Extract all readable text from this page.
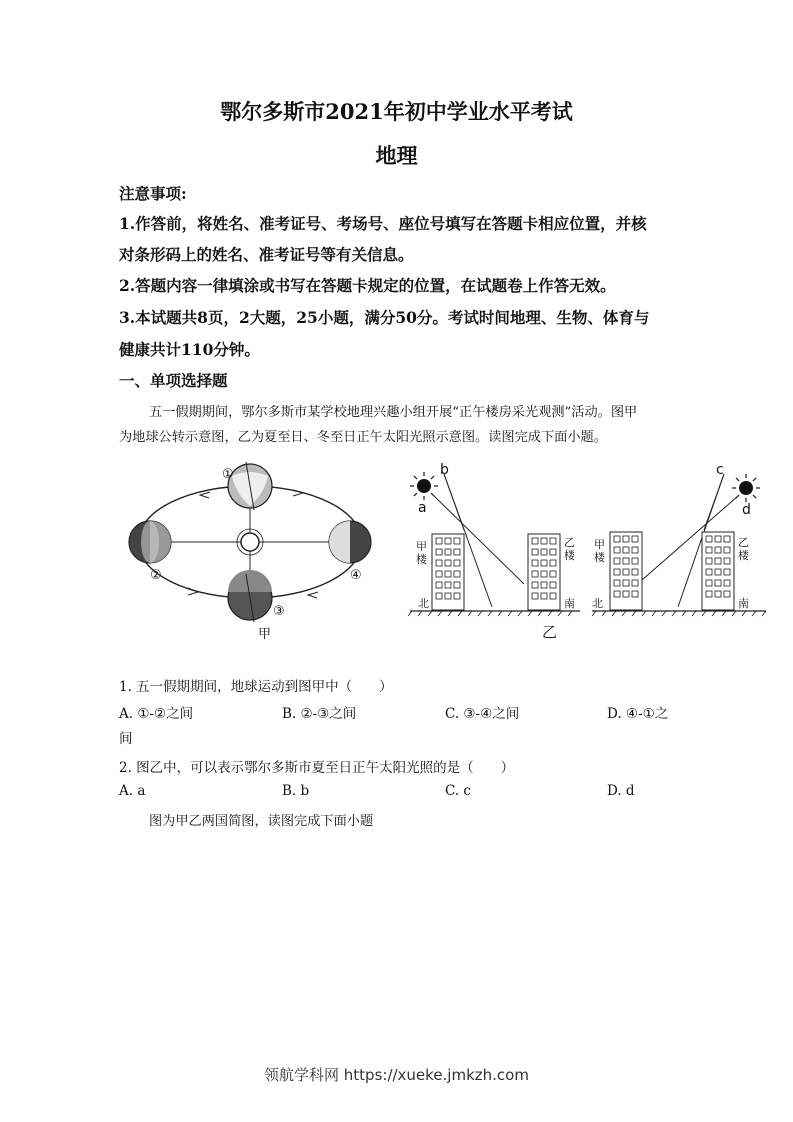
鄂尔多斯市2021年初中学业水平考试
地理
注意事项:
1.作答前，将姓名、准考证号、考场号、座位号填写在答题卡相应位置，并核
对条形码上的姓名、准考证号等有关信息。
2.答题内容一律填涂或书写在答题卡规定的位置，在试题卷上作答无效。
3.本试题共8页，2大题，25小题，满分50分。考试时间地理、生物、体育与
健康共计110分钟。
一、单项选择题
五一假期期间，鄂尔多斯市某学校地理兴趣小组开展“正午楼房采光观测”活动。图甲
为地球公转示意图，乙为夏至日、冬至日正午太阳光照示意图。读图完成下面小题。
①
②
③
④
甲
b
a
甲
楼
乙
楼
北	南
c
d
甲
楼
乙
楼
北	南
乙
1. 五一假期期间，地球运动到图甲中（　　）
A. ①-②之间	B. ②-③之间	C. ③-④之间	D. ④-①之
间
2. 图乙中，可以表示鄂尔多斯市夏至日正午太阳光照的是（　　）
A. a	B. b	C. c	D. d
图为甲乙两国简图，读图完成下面小题
领航学科网 https://xueke.jmkzh.com
